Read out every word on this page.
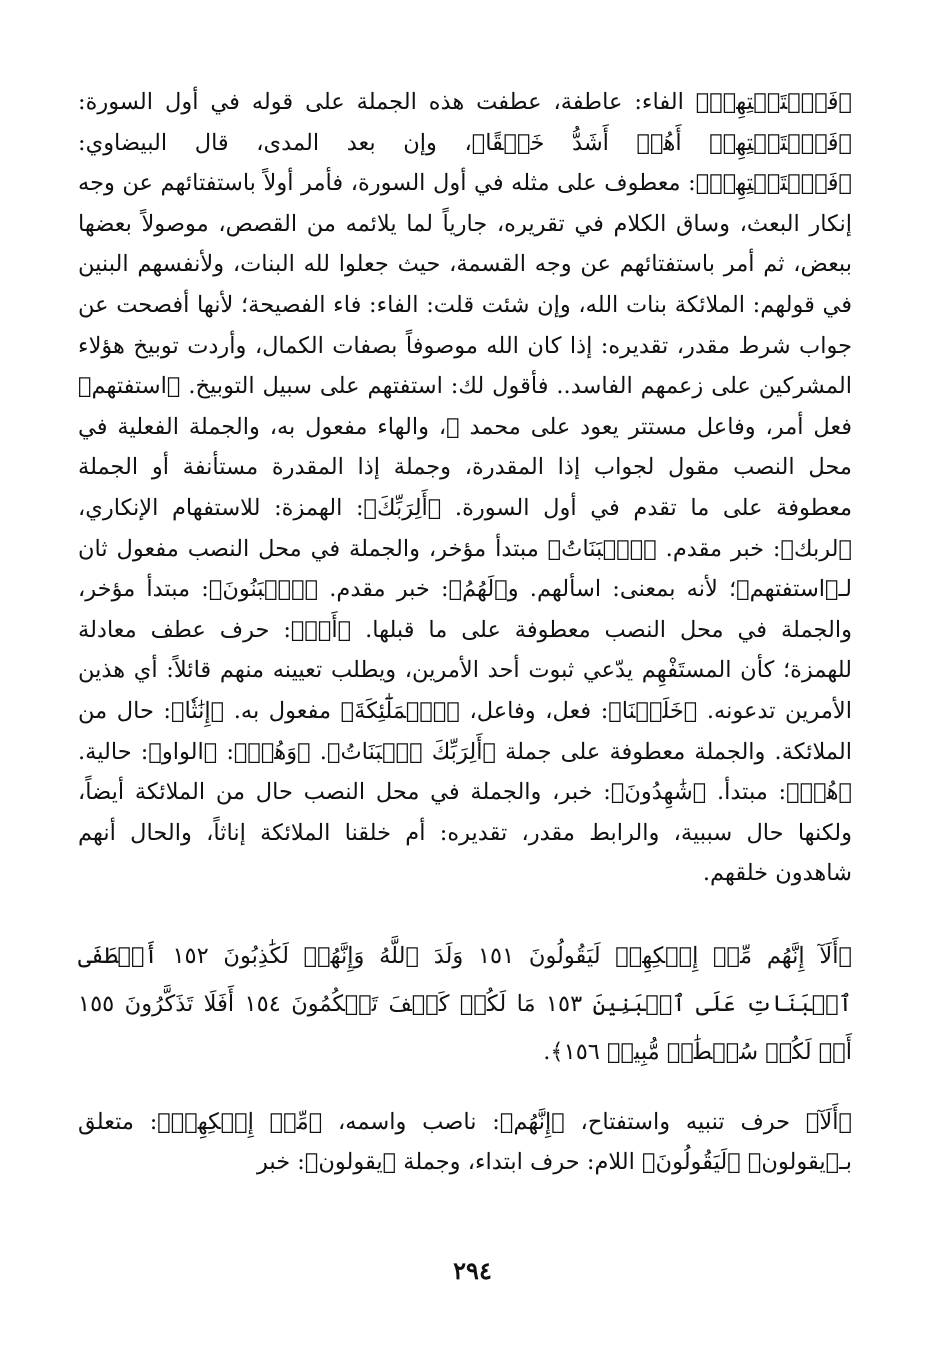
﴿فَٱسۡتَفۡتِهِمۡ﴾ الفاء: عاطفة، عطفت هذه الجملة على قوله في أول السورة: ﴿فَٱسۡتَفۡتِهِمۡ أَهُمۡ أَشَدُّ خَلۡقًا﴾، وإن بعد المدى، قال البيضاوي: ﴿فَٱسۡتَفۡتِهِمۡ﴾: معطوف على مثله في أول السورة، فأمر أولاً باستفتائهم عن وجه إنكار البعث، وساق الكلام في تقريره، جارياً لما يلائمه من القصص، موصولاً بعضها ببعض، ثم أمر باستفتائهم عن وجه القسمة، حيث جعلوا لله البنات، ولأنفسهم البنين في قولهم: الملائكة بنات الله، وإن شئت قلت: الفاء: فاء الفصيحة؛ لأنها أفصحت عن جواب شرط مقدر، تقديره: إذا كان الله موصوفاً بصفات الكمال، وأردت توبيخ هؤلاء المشركين على زعمهم الفاسد.. فأقول لك: استفتهم على سبيل التوبيخ. ﴿استفتهم﴾ فعل أمر، وفاعل مستتر يعود على محمد ﷺ، والهاء مفعول به، والجملة الفعلية في محل النصب مقول لجواب إذا المقدرة، وجملة إذا المقدرة مستأنفة أو الجملة معطوفة على ما تقدم في أول السورة. ﴿أَلِرَبِّكَ﴾: الهمزة: للاستفهام الإنكاري، ﴿لربك﴾: خبر مقدم. ﴿ٱلۡبَنَاتُ﴾ مبتدأ مؤخر، والجملة في محل النصب مفعول ثان لـ﴿استفتهم﴾؛ لأنه بمعنى: اسألهم. و﴿لَهُمُ﴾: خبر مقدم. ﴿ٱلۡبَنُونَ﴾: مبتدأ مؤخر، والجملة في محل النصب معطوفة على ما قبلها. ﴿أَمۡ﴾: حرف عطف معادلة للهمزة؛ كأن المستَفْهِم يدّعي ثبوت أحد الأمرين، ويطلب تعيينه منهم قائلاً: أي هذين الأمرين تدعونه. ﴿خَلَقۡنَا﴾: فعل، وفاعل، ﴿ٱلۡمَلَٰٓئِكَةَ﴾ مفعول به. ﴿إِنَٰثٗا﴾: حال من الملائكة. والجملة معطوفة على جملة ﴿أَلِرَبِّكَ ٱلۡبَنَاتُ﴾. ﴿وَهُمۡ﴾: ﴿الواو﴾: حالية. ﴿هُمۡ﴾: مبتدأ. ﴿شَٰهِدُونَ﴾: خبر، والجملة في محل النصب حال من الملائكة أيضاً، ولكنها حال سببية، والرابط مقدر، تقديره: أم خلقنا الملائكة إناثاً، والحال أنهم شاهدون خلقهم.

﴿أَلَآ إِنَّهُم مِّنۡ إِفۡكِهِمۡ لَيَقُولُونَ ١٥١ وَلَدَ ٱللَّهُ وَإِنَّهُمۡ لَكَٰذِبُونَ ١٥٢ أَصۡطَفَى ٱلۡبَنَاتِ عَلَى ٱلۡبَنِينَ ١٥٣ مَا لَكُمۡ كَيۡفَ تَحۡكُمُونَ ١٥٤ أَفَلَا تَذَكَّرُونَ ١٥٥ أَمۡ لَكُمۡ سُلۡطَٰنٞ مُّبِينٞ ١٥٦﴾.

﴿أَلَآ﴾ حرف تنبيه واستفتاح، ﴿إِنَّهُم﴾: ناصب واسمه، ﴿مِّنۡ إِفۡكِهِمۡ﴾: متعلق بـ﴿يقولون﴾ ﴿لَيَقُولُونَ﴾ اللام: حرف ابتداء، وجملة ﴿يقولون﴾: خبر

٢٩٤
